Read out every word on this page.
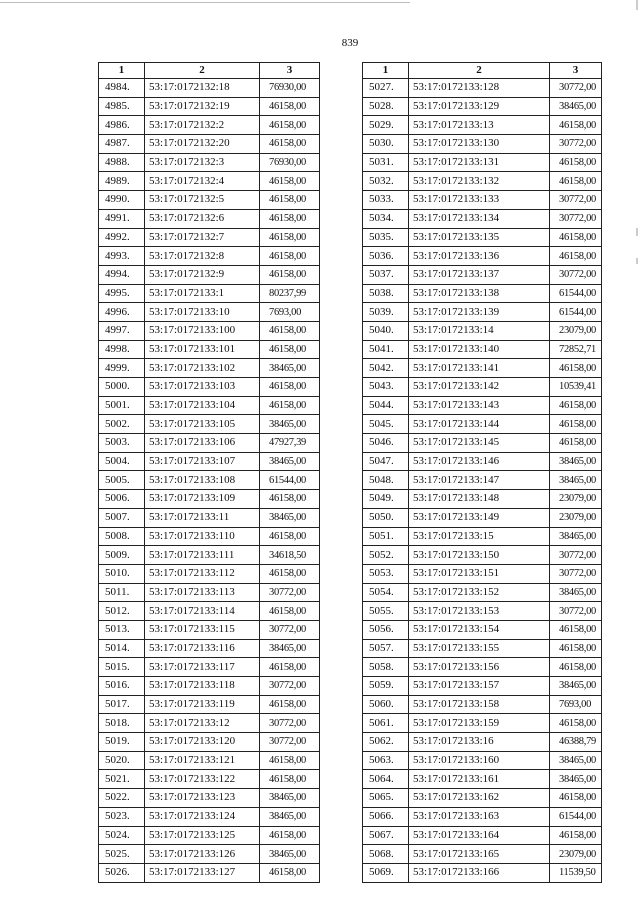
839
1	2	3
4984.	53:17:0172132:18	76930,00
4985.	53:17:0172132:19	46158,00
4986.	53:17:0172132:2	46158,00
4987.	53:17:0172132:20	46158,00
4988.	53:17:0172132:3	76930,00
4989.	53:17:0172132:4	46158,00
4990.	53:17:0172132:5	46158,00
4991.	53:17:0172132:6	46158,00
4992.	53:17:0172132:7	46158,00
4993.	53:17:0172132:8	46158,00
4994.	53:17:0172132:9	46158,00
4995.	53:17:0172133:1	80237,99
4996.	53:17:0172133:10	7693,00
4997.	53:17:0172133:100	46158,00
4998.	53:17:0172133:101	46158,00
4999.	53:17:0172133:102	38465,00
5000.	53:17:0172133:103	46158,00
5001.	53:17:0172133:104	46158,00
5002.	53:17:0172133:105	38465,00
5003.	53:17:0172133:106	47927,39
5004.	53:17:0172133:107	38465,00
5005.	53:17:0172133:108	61544,00
5006.	53:17:0172133:109	46158,00
5007.	53:17:0172133:11	38465,00
5008.	53:17:0172133:110	46158,00
5009.	53:17:0172133:111	34618,50
5010.	53:17:0172133:112	46158,00
5011.	53:17:0172133:113	30772,00
5012.	53:17:0172133:114	46158,00
5013.	53:17:0172133:115	30772,00
5014.	53:17:0172133:116	38465,00
5015.	53:17:0172133:117	46158,00
5016.	53:17:0172133:118	30772,00
5017.	53:17:0172133:119	46158,00
5018.	53:17:0172133:12	30772,00
5019.	53:17:0172133:120	30772,00
5020.	53:17:0172133:121	46158,00
5021.	53:17:0172133:122	46158,00
5022.	53:17:0172133:123	38465,00
5023.	53:17:0172133:124	38465,00
5024.	53:17:0172133:125	46158,00
5025.	53:17:0172133:126	38465,00
5026.	53:17:0172133:127	46158,00
1	2	3
5027.	53:17:0172133:128	30772,00
5028.	53:17:0172133:129	38465,00
5029.	53:17:0172133:13	46158,00
5030.	53:17:0172133:130	30772,00
5031.	53:17:0172133:131	46158,00
5032.	53:17:0172133:132	46158,00
5033.	53:17:0172133:133	30772,00
5034.	53:17:0172133:134	30772,00
5035.	53:17:0172133:135	46158,00
5036.	53:17:0172133:136	46158,00
5037.	53:17:0172133:137	30772,00
5038.	53:17:0172133:138	61544,00
5039.	53:17:0172133:139	61544,00
5040.	53:17:0172133:14	23079,00
5041.	53:17:0172133:140	72852,71
5042.	53:17:0172133:141	46158,00
5043.	53:17:0172133:142	10539,41
5044.	53:17:0172133:143	46158,00
5045.	53:17:0172133:144	46158,00
5046.	53:17:0172133:145	46158,00
5047.	53:17:0172133:146	38465,00
5048.	53:17:0172133:147	38465,00
5049.	53:17:0172133:148	23079,00
5050.	53:17:0172133:149	23079,00
5051.	53:17:0172133:15	38465,00
5052.	53:17:0172133:150	30772,00
5053.	53:17:0172133:151	30772,00
5054.	53:17:0172133:152	38465,00
5055.	53:17:0172133:153	30772,00
5056.	53:17:0172133:154	46158,00
5057.	53:17:0172133:155	46158,00
5058.	53:17:0172133:156	46158,00
5059.	53:17:0172133:157	38465,00
5060.	53:17:0172133:158	7693,00
5061.	53:17:0172133:159	46158,00
5062.	53:17:0172133:16	46388,79
5063.	53:17:0172133:160	38465,00
5064.	53:17:0172133:161	38465,00
5065.	53:17:0172133:162	46158,00
5066.	53:17:0172133:163	61544,00
5067.	53:17:0172133:164	46158,00
5068.	53:17:0172133:165	23079,00
5069.	53:17:0172133:166	11539,50
